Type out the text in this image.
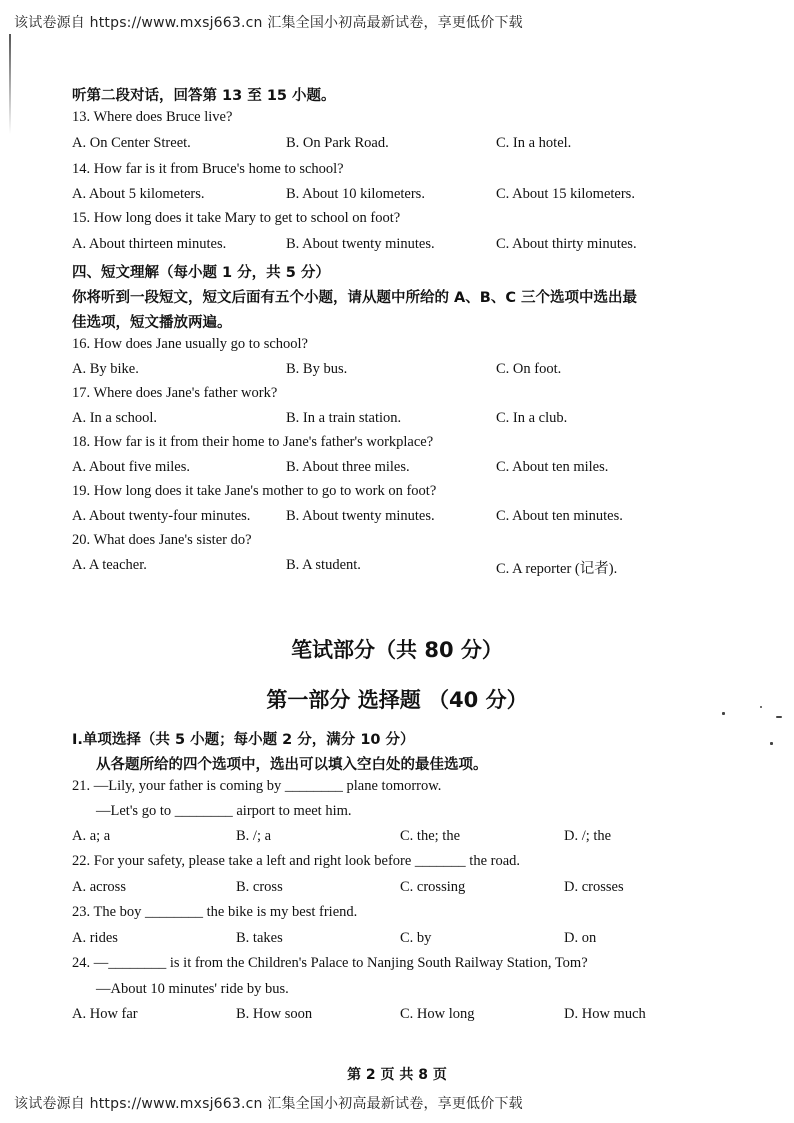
该试卷源自 https://www.mxsj663.cn 汇集全国小初高最新试卷，享更低价下载
听第二段对话，回答第 13 至 15 小题。
13. Where does Bruce live?
A. On Center Street.	B. On Park Road.	C. In a hotel.
14. How far is it from Bruce's home to school?
A. About 5 kilometers.	B. About 10 kilometers.	C. About 15 kilometers.
15. How long does it take Mary to get to school on foot?
A. About thirteen minutes.	B. About twenty minutes.	C. About thirty minutes.
四、短文理解（每小题 1 分，共 5 分）
你将听到一段短文，短文后面有五个小题，请从题中所给的 A、B、C 三个选项中选出最
佳选项，短文播放两遍。
16. How does Jane usually go to school?
A. By bike.	B. By bus.	C. On foot.
17. Where does Jane's father work?
A. In a school.	B. In a train station.	C. In a club.
18. How far is it from their home to Jane's father's workplace?
A. About five miles.	B. About three miles.	C. About ten miles.
19. How long does it take Jane's mother to go to work on foot?
A. About twenty-four minutes. B. About twenty minutes.	C. About ten minutes.
20. What does Jane's sister do?
A. A teacher.	B. A student.	C. A reporter (记者).
笔试部分（共 80 分）
第一部分 选择题 （40 分）
I.单项选择（共 5 小题；每小题 2 分，满分 10 分）
从各题所给的四个选项中，选出可以填入空白处的最佳选项。
21. —Lily, your father is coming by ________ plane tomorrow.
—Let's go to ________ airport to meet him.
A. a; a	B. /; a	C. the; the	D. /; the
22. For your safety, please take a left and right look before _______ the road.
A. across	B. cross	C. crossing	D. crosses
23. The boy ________ the bike is my best friend.
A. rides	B. takes	C. by	D. on
24. —________ is it from the Children's Palace to Nanjing South Railway Station, Tom?
—About 10 minutes' ride by bus.
A. How far	B. How soon	C. How long	D. How much
第 2 页 共 8 页
该试卷源自 https://www.mxsj663.cn 汇集全国小初高最新试卷，享更低价下载
